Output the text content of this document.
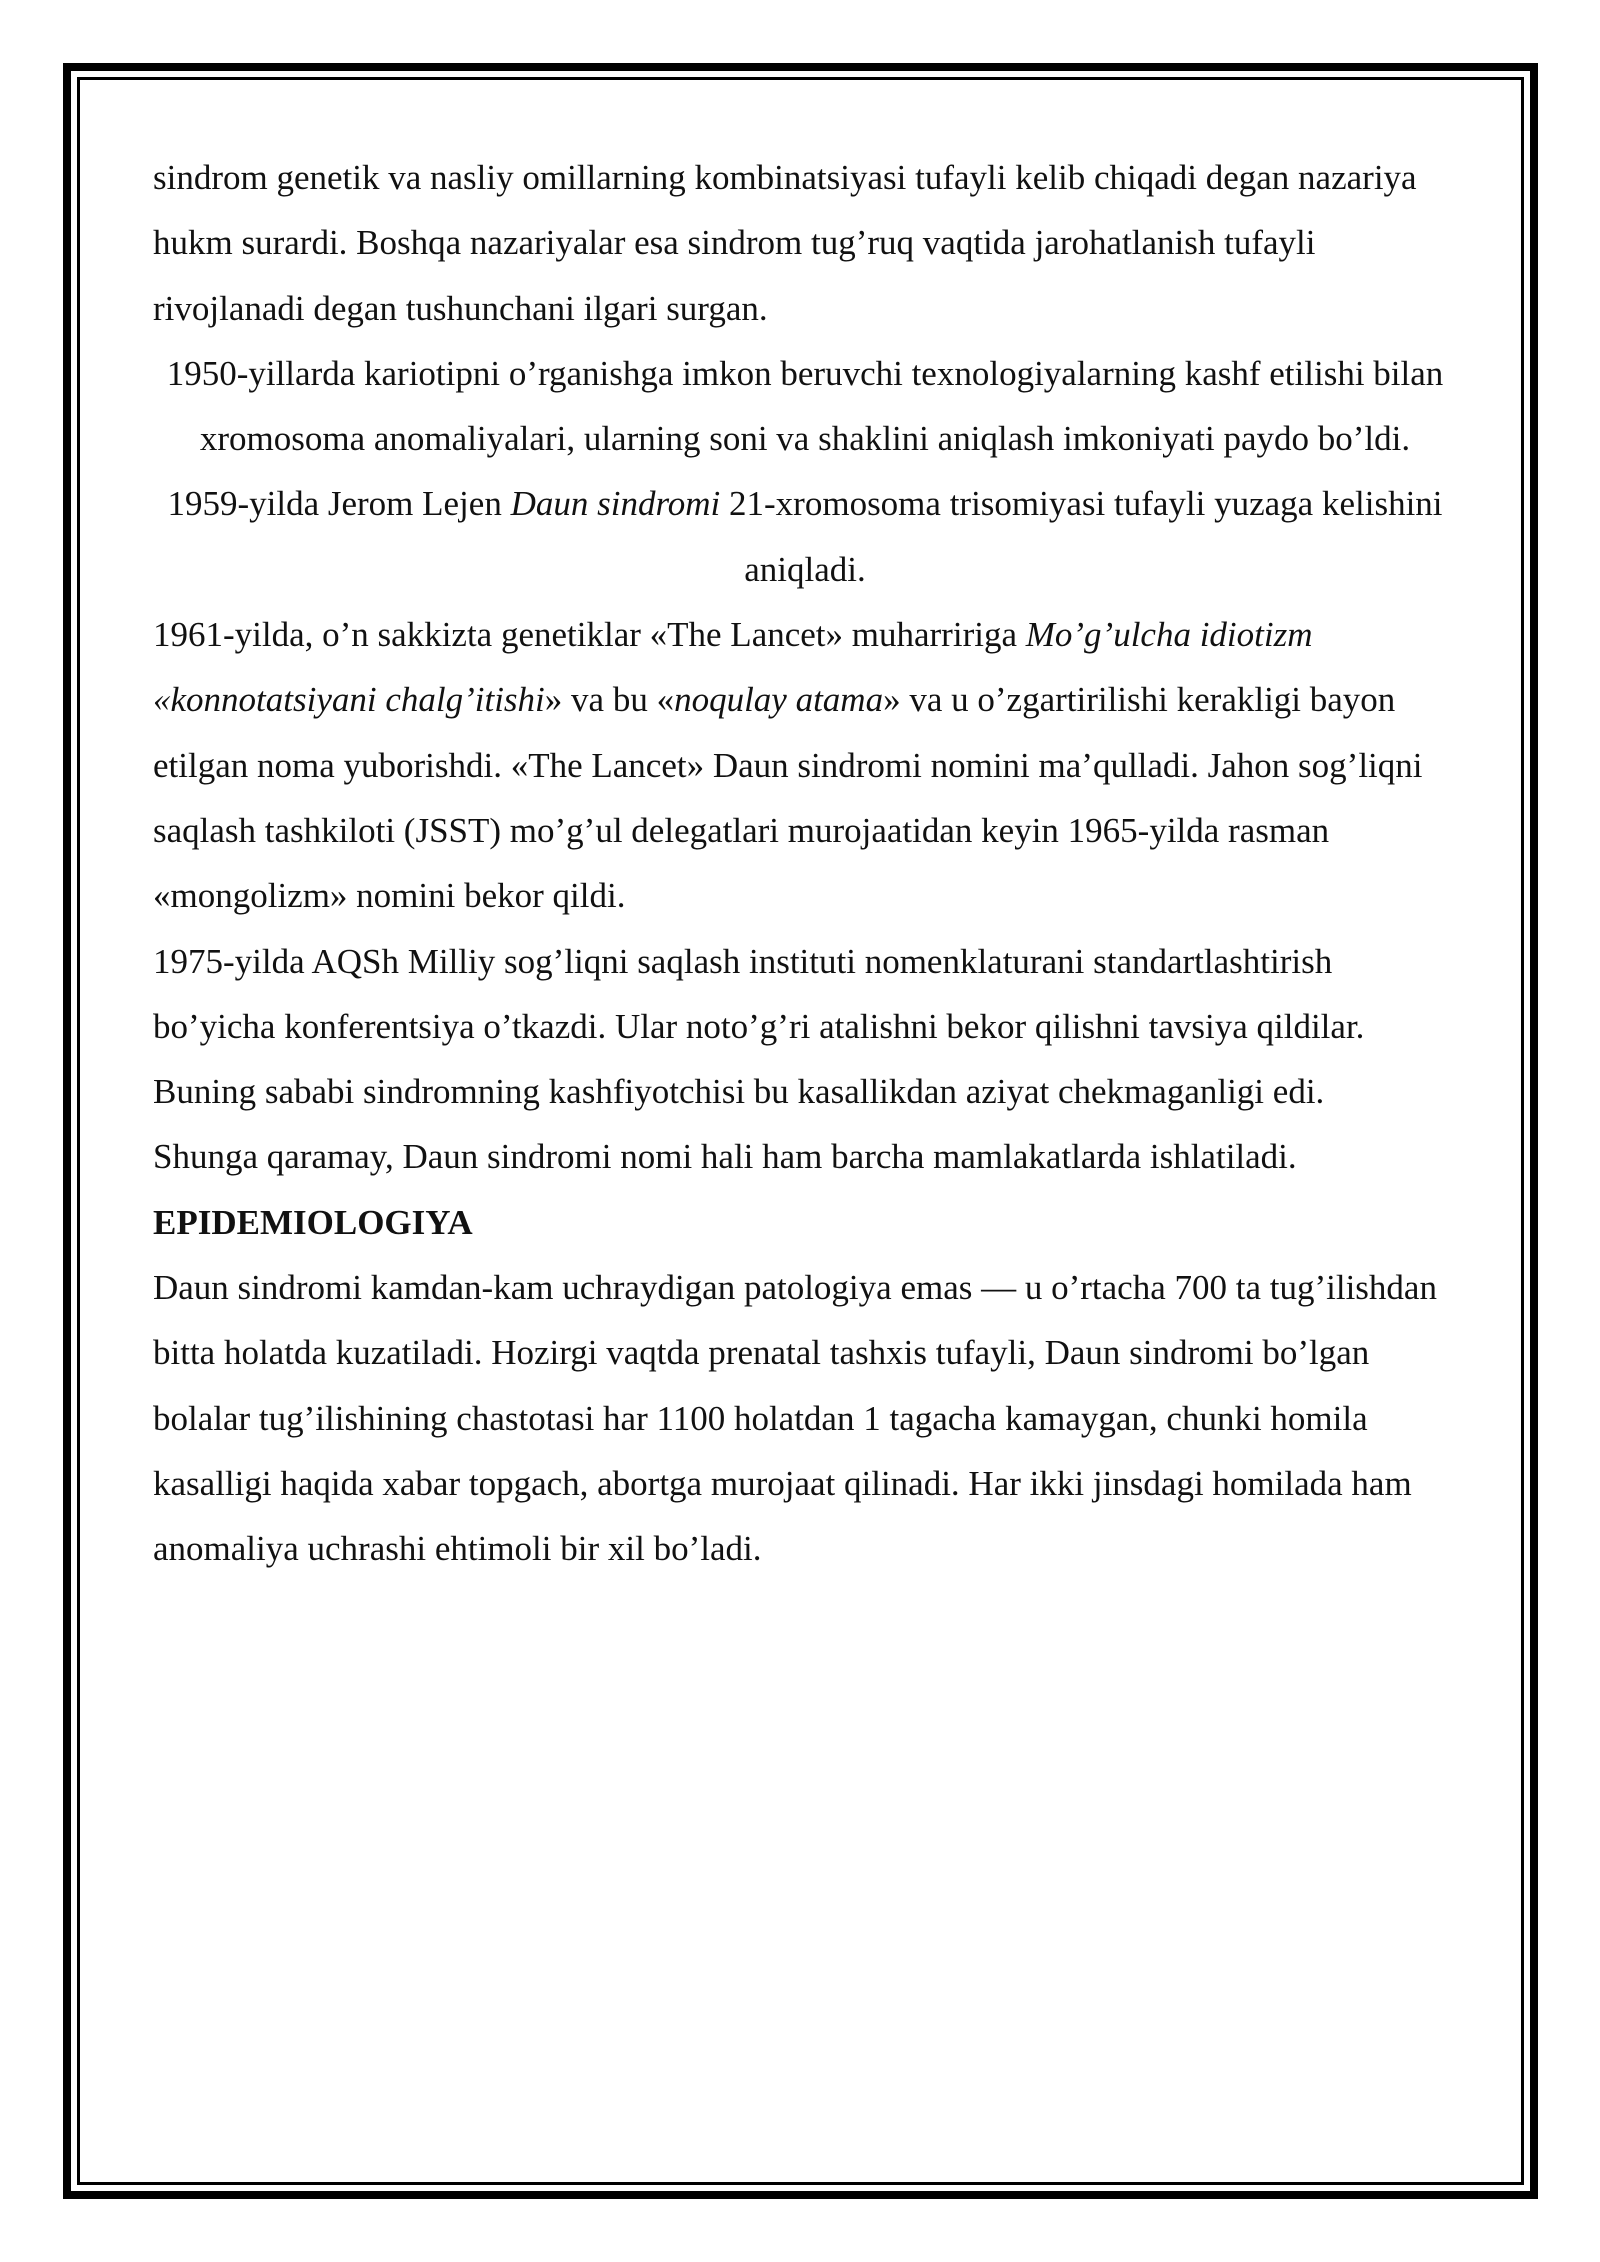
sindrom genetik va nasliy omillarning kombinatsiyasi tufayli kelib chiqadi degan nazariya hukm surardi. Boshqa nazariyalar esa sindrom tug’ruq vaqtida jarohatlanish tufayli rivojlanadi degan tushunchani ilgari surgan.

1950-yillarda kariotipni o’rganishga imkon beruvchi texnologiyalarning kashf etilishi bilan xromosoma anomaliyalari, ularning soni va shaklini aniqlash imkoniyati paydo bo’ldi. 1959-yilda Jerom Lejen Daun sindromi 21-xromosoma trisomiyasi tufayli yuzaga kelishini aniqladi.

1961-yilda, o’n sakkizta genetiklar «The Lancet» muharririga Mo’g’ulcha idiotizm «konnotatsiyani chalg’itishi» va bu «noqulay atama» va u o’zgartirilishi kerakligi bayon etilgan noma yuborishdi. «The Lancet» Daun sindromi nomini ma’qulladi. Jahon sog’liqni saqlash tashkiloti (JSST) mo’g’ul delegatlari murojaatidan keyin 1965-yilda rasman «mongolizm» nomini bekor qildi.

1975-yilda AQSh Milliy sog’liqni saqlash instituti nomenklaturani standartlashtirish bo’yicha konferentsiya o’tkazdi. Ular noto’g’ri atalishni bekor qilishni tavsiya qildilar. Buning sababi sindromning kashfiyotchisi bu kasallikdan aziyat chekmaganligi edi.

Shunga qaramay, Daun sindromi nomi hali ham barcha mamlakatlarda ishlatiladi.

EPIDEMIOLOGIYA

Daun sindromi kamdan-kam uchraydigan patologiya emas — u o’rtacha 700 ta tug’ilishdan bitta holatda kuzatiladi. Hozirgi vaqtda prenatal tashxis tufayli, Daun sindromi bo’lgan bolalar tug’ilishining chastotasi har 1100 holatdan 1 tagacha kamaygan, chunki homila kasalligi haqida xabar topgach, abortga murojaat qilinadi. Har ikki jinsdagi homilada ham anomaliya uchrashi ehtimoli bir xil bo’ladi.
